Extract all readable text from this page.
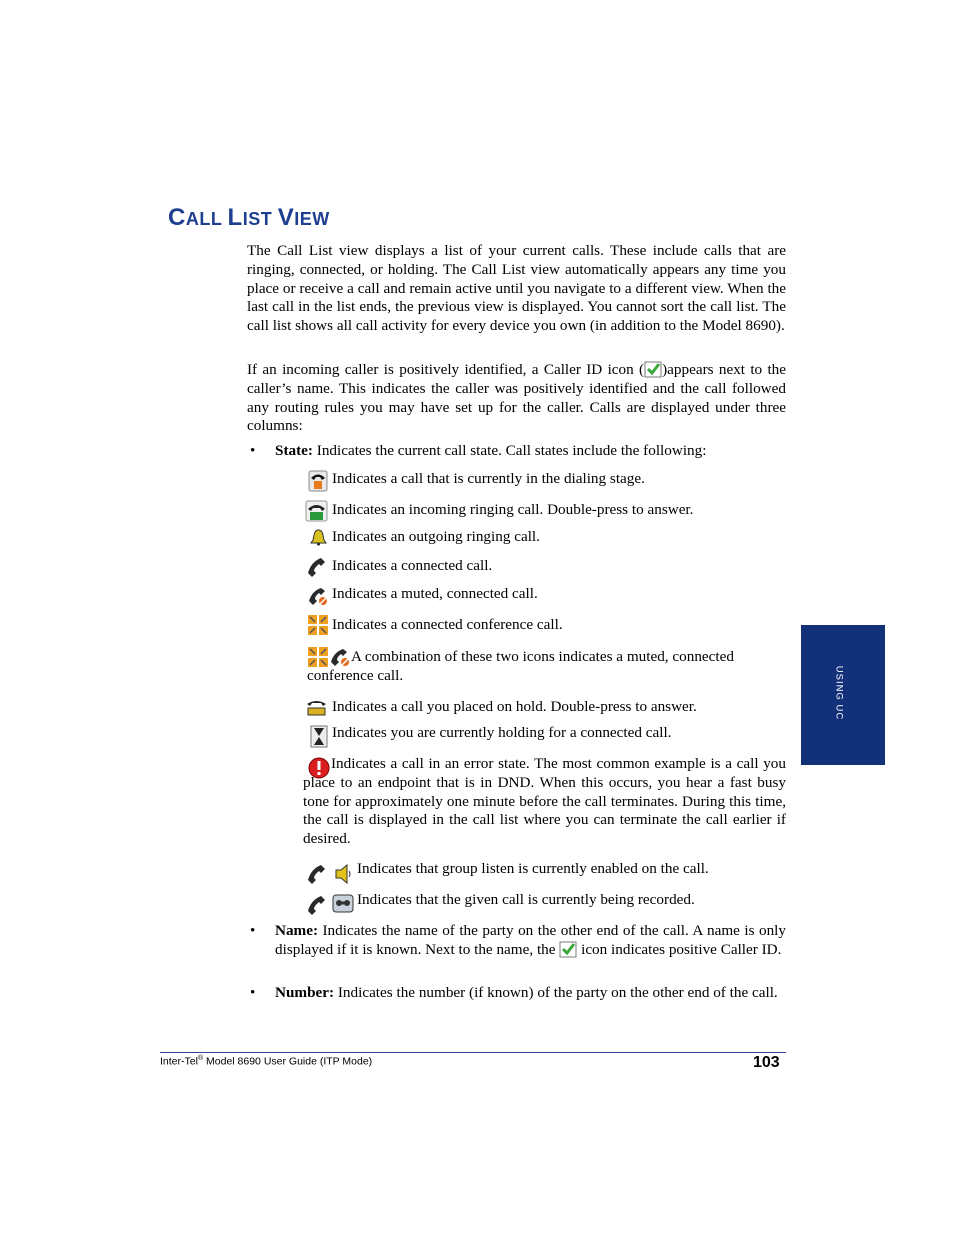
CALL LIST VIEW

The Call List view displays a list of your current calls. These include calls that are ringing, connected, or holding. The Call List view automatically appears any time you place or receive a call and remain active until you navigate to a different view. When the last call in the list ends, the previous view is displayed. You cannot sort the call list. The call list shows all call activity for every device you own (in addition to the Model 8690).

If an incoming caller is positively identified, a Caller ID icon ( )appears next to the caller’s name. This indicates the caller was positively identified and the call followed any routing rules you may have set up for the caller. Calls are displayed under three columns:

• State: Indicates the current call state. Call states include the following:

Indicates a call that is currently in the dialing stage.
Indicates an incoming ringing call. Double-press to answer.
Indicates an outgoing ringing call.
Indicates a connected call.
Indicates a muted, connected call.
Indicates a connected conference call.

A combination of these two icons indicates a muted, connected conference call.

Indicates a call you placed on hold. Double-press to answer.
Indicates you are currently holding for a connected call.

Indicates a call in an error state. The most common example is a call you place to an endpoint that is in DND. When this occurs, you hear a fast busy tone for approximately one minute before the call terminates. During this time, the call is displayed in the call list where you can terminate the call earlier if desired.

Indicates that group listen is currently enabled on the call.
Indicates that the given call is currently being recorded.
• Name: Indicates the name of the party on the other end of the call. A name is only displayed if it is known. Next to the name, the  icon indicates positive Caller ID.

• Number: Indicates the number (if known) of the party on the other end of the call.

USING UC
Inter-Tel® Model 8690 User Guide (ITP Mode)	103
